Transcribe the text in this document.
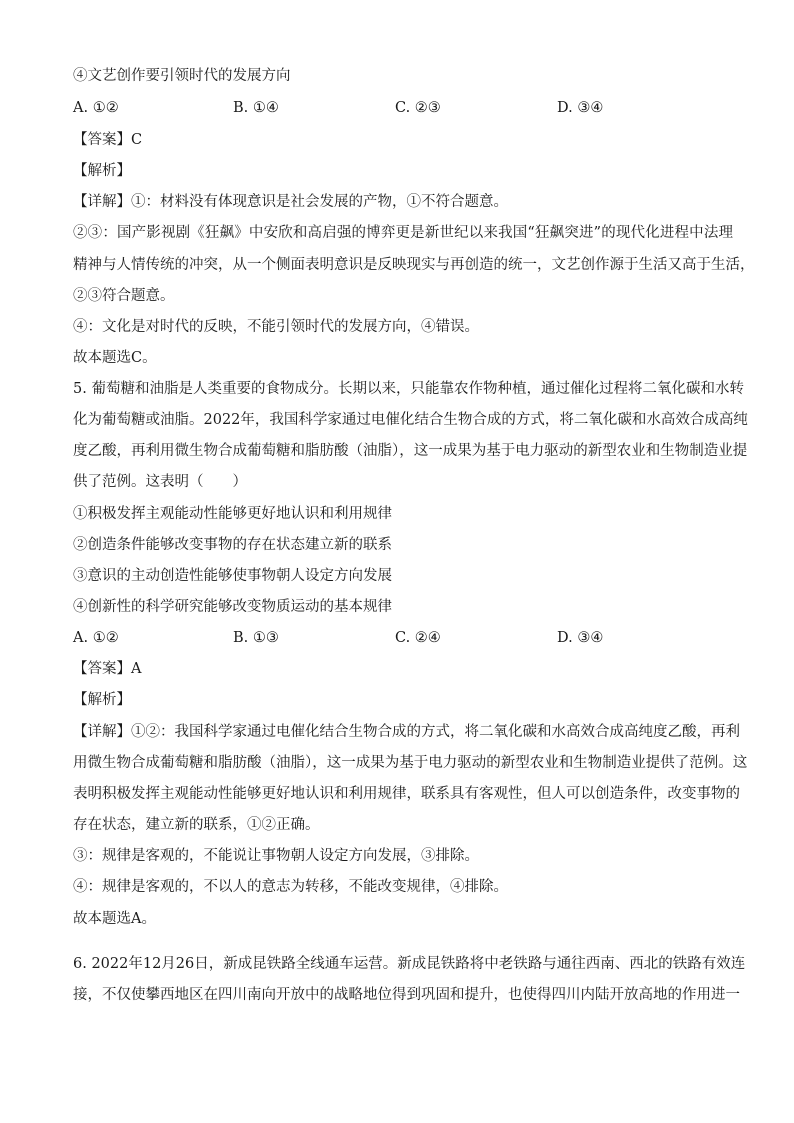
④文艺创作要引领时代的发展方向
A. ①②	B. ①④	C. ②③	D. ③④
【答案】C
【解析】
【详解】①：材料没有体现意识是社会发展的产物，①不符合题意。
②③：国产影视剧《狂飙》中安欣和高启强的博弈更是新世纪以来我国“狂飙突进”的现代化进程中法理
精神与人情传统的冲突，从一个侧面表明意识是反映现实与再创造的统一，文艺创作源于生活又高于生活，
②③符合题意。
④：文化是对时代的反映，不能引领时代的发展方向，④错误。
故本题选C。
5. 葡萄糖和油脂是人类重要的食物成分。长期以来，只能靠农作物种植，通过催化过程将二氧化碳和水转
化为葡萄糖或油脂。2022年，我国科学家通过电催化结合生物合成的方式，将二氧化碳和水高效合成高纯
度乙酸，再利用微生物合成葡萄糖和脂肪酸（油脂），这一成果为基于电力驱动的新型农业和生物制造业提
供了范例。这表明（　　）
①积极发挥主观能动性能够更好地认识和利用规律
②创造条件能够改变事物的存在状态建立新的联系
③意识的主动创造性能够使事物朝人设定方向发展
④创新性的科学研究能够改变物质运动的基本规律
A. ①②	B. ①③	C. ②④	D. ③④
【答案】A
【解析】
【详解】①②：我国科学家通过电催化结合生物合成的方式，将二氧化碳和水高效合成高纯度乙酸，再利
用微生物合成葡萄糖和脂肪酸（油脂），这一成果为基于电力驱动的新型农业和生物制造业提供了范例。这
表明积极发挥主观能动性能够更好地认识和利用规律，联系具有客观性，但人可以创造条件，改变事物的
存在状态，建立新的联系，①②正确。
③：规律是客观的，不能说让事物朝人设定方向发展，③排除。
④：规律是客观的，不以人的意志为转移，不能改变规律，④排除。
故本题选A。
6. 2022年12月26日，新成昆铁路全线通车运营。新成昆铁路将中老铁路与通往西南、西北的铁路有效连
接，不仅使攀西地区在四川南向开放中的战略地位得到巩固和提升，也使得四川内陆开放高地的作用进一
